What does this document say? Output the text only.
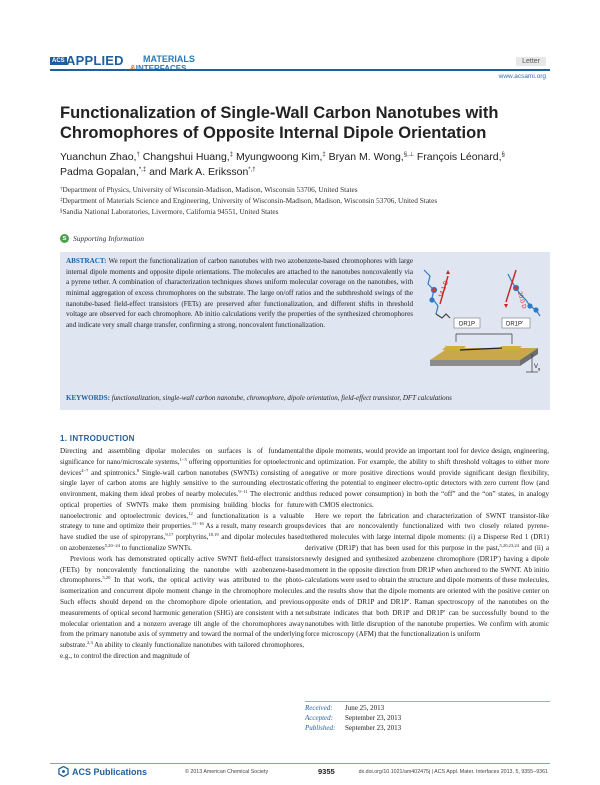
ACS APPLIED MATERIALS	Letter
www.acsami.org
Functionalization of Single-Wall Carbon Nanotubes with Chromophores of Opposite Internal Dipole Orientation
Yuanchun Zhao,† Changshui Huang,‡ Myungwoong Kim,‡ Bryan M. Wong,§,⊥ François Léonard,§
Padma Gopalan,*,‡ and Mark A. Eriksson*,†
†Department of Physics, University of Wisconsin-Madison, Madison, Wisconsin 53706, United States
‡Department of Materials Science and Engineering, University of Wisconsin-Madison, Madison, Wisconsin 53706, United States
§Sandia National Laboratories, Livermore, California 94551, United States
s Supporting Information
ABSTRACT: We report the functionalization of carbon nanotubes with two azobenzene-based chromophores with large internal dipole moments and opposite dipole orientations. The molecules are attached to the nanotubes noncovalently via a pyrene tether. A combination of characterization techniques shows uniform molecular coverage on the nanotubes, with minimal aggregation of excess chromophores on the substrate. The large on/off ratios and the subthreshold swings of the nanotube-based field-effect transistors (FETs) are preserved after functionalization, and different shifts in threshold voltage are observed for each chromophore. Ab initio calculations verify the properties of the synthesized chromophores and indicate very small charge transfer, confirming a strong, noncovalent functionalization.
14.1 D
20.0 D
DR1P	DR1P'
V g
KEYWORDS: functionalization, single-wall carbon nanotube, chromophore, dipole orientation, field-effect transistor, DFT calculations
1. INTRODUCTION

Directing and assembling dipolar molecules on surfaces is of fundamental significance for nano/microscale systems,$^{1-3}$ offering opportunities for optoelectronic devices$^{4-7}$ and spintronics.$^8$ Single-wall carbon nanotubes (SWNTs) consisting of a single layer of carbon atoms are highly sensitive to the surrounding electrostatic environment, making them ideal probes of nearby molecules.$^{9-11}$ The electronic and optical properties of SWNTs make them promising building blocks for future nanoelectronic and optoelectronic devices,$^{12}$ and functionalization is a valuable strategy to tune and optimize their properties.$^{13-16}$ As a result, many research groups have studied the use of spiropyrans,$^{9,17}$ porphyrins,$^{18,19}$ and dipolar molecules based on azobenzenes$^{5,20-24}$ to functionalize SWNTs.

Previous work has demonstrated optically active SWNT field-effect transistors (FETs) by noncovalently functionalizing the nanotube with azobenzene-based chromophores.$^{5,20}$ In that work, the optical activity was attributed to the photo-isomerization and concurrent dipole moment change in the chromophore molecules. Such effects should depend on the chromophore dipole orientation, and previous measurements of optical second harmonic generation (SHG) are consistent with a net molecular orientation and a nonzero average tilt angle of the choromophores away from the primary nanotube axis of symmetry and toward the normal of the underlying substrate.$^{2,3}$ An ability to cleanly functionalize nanotubes with tailored chromophores, e.g., to control the direction and magnitude of

the dipole moments, would provide an important tool for device design, engineering, and optimization. For example, the ability to shift threshold voltages to either more negative or more positive directions would provide significant design flexibility, offering the potential to engineer electro-optic detectors with zero current flow (and thus reduced power consumption) in both the “off” and the “on” states, in analogy with CMOS electronics.

Here we report the fabrication and characterization of SWNT transistor-like devices that are noncovalently functionalized with two closely related pyrene-tethered molecules with large internal dipole moments: (i) a Disperse Red 1 (DR1) derivative (DR1P) that has been used for this purpose in the past,$^{5,20,23,24}$ and (ii) a newly designed and synthesized azobenzene chromophore (DR1P′) having a dipole moment in the opposite direction from DR1P when anchored to the SWNT. Ab initio calculations were used to obtain the structure and dipole moments of these molecules, and the results show that the dipole moments are oriented with the positive center on opposite ends of DR1P and DR1P′. Raman spectroscopy of the nanotubes on the substrate indicates that both DR1P and DR1P′ can be successfully bound to the nanotubes with little disruption of the nanotube properties. We confirm with atomic force microscopy (AFM) that the functionalization is uniform

Received: June 25, 2013
Accepted: September 23, 2013
Published: September 23, 2013
ACS Publications	© 2013 American Chemical Society	9355	dx.doi.org/10.1021/am402475j | ACS Appl. Mater. Interfaces 2013, 5, 9355−9361
